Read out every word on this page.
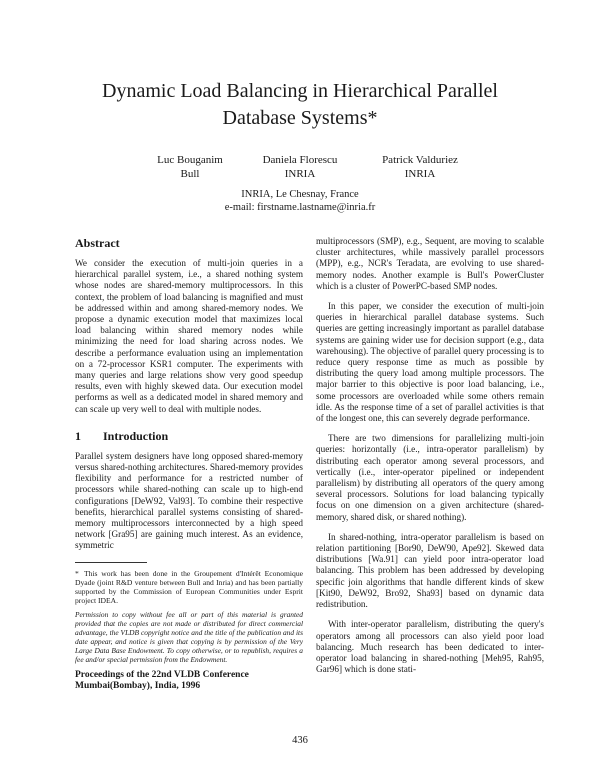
Dynamic Load Balancing in Hierarchical Parallel
Database Systems*
Luc Bouganim
Bull
Daniela Florescu
INRIA
Patrick Valduriez
INRIA
INRIA, Le Chesnay, France
e-mail: firstname.lastname@inria.fr
Abstract

We consider the execution of multi-join queries in a hierarchical parallel system, i.e., a shared nothing system whose nodes are shared-memory multiprocessors. In this context, the problem of load balancing is magnified and must be addressed within and among shared-memory nodes. We propose a dynamic execution model that maximizes local load balancing within shared memory nodes while minimizing the need for load sharing across nodes. We describe a performance evaluation using an implementation on a 72-processor KSR1 computer. The experiments with many queries and large relations show very good speedup results, even with highly skewed data. Our execution model performs as well as a dedicated model in shared memory and can scale up very well to deal with multiple nodes.

1 Introduction

Parallel system designers have long opposed shared-memory versus shared-nothing architectures. Shared-memory provides flexibility and performance for a restricted number of processors while shared-nothing can scale up to high-end configurations [DeW92, Val93]. To combine their respective benefits, hierarchical parallel systems consisting of shared-memory multiprocessors interconnected by a high speed network [Gra95] are gaining much interest. As an evidence, symmetric

* This work has been done in the Groupement d'Intérêt Economique Dyade (joint R&D venture between Bull and Inria) and has been partially supported by the Commission of European Communities under Esprit project IDEA.

Permission to copy without fee all or part of this material is granted provided that the copies are not made or distributed for direct commercial advantage, the VLDB copyright notice and the title of the publication and its date appear, and notice is given that copying is by permission of the Very Large Data Base Endowment. To copy otherwise, or to republish, requires a fee and/or special permission from the Endowment.

Proceedings of the 22nd VLDB Conference
Mumbai(Bombay), India, 1996

multiprocessors (SMP), e.g., Sequent, are moving to scalable cluster architectures, while massively parallel processors (MPP), e.g., NCR's Teradata, are evolving to use shared-memory nodes. Another example is Bull's PowerCluster which is a cluster of PowerPC-based SMP nodes.

In this paper, we consider the execution of multi-join queries in hierarchical parallel database systems. Such queries are getting increasingly important as parallel database systems are gaining wider use for decision support (e.g., data warehousing). The objective of parallel query processing is to reduce query response time as much as possible by distributing the query load among multiple processors. The major barrier to this objective is poor load balancing, i.e., some processors are overloaded while some others remain idle. As the response time of a set of parallel activities is that of the longest one, this can severely degrade performance.

There are two dimensions for parallelizing multi-join queries: horizontally (i.e., intra-operator parallelism) by distributing each operator among several processors, and vertically (i.e., inter-operator pipelined or independent parallelism) by distributing all operators of the query among several processors. Solutions for load balancing typically focus on one dimension on a given architecture (shared-memory, shared disk, or shared nothing).

In shared-nothing, intra-operator parallelism is based on relation partitioning [Bor90, DeW90, Ape92]. Skewed data distributions [Wa.91] can yield poor intra-operator load balancing. This problem has been addressed by developing specific join algorithms that handle different kinds of skew [Kit90, DeW92, Bro92, Sha93] based on dynamic data redistribution.

With inter-operator parallelism, distributing the query's operators among all processors can also yield poor load balancing. Much research has been dedicated to inter-operator load balancing in shared-nothing [Meh95, Rah95, Gar96] which is done stati-

436
